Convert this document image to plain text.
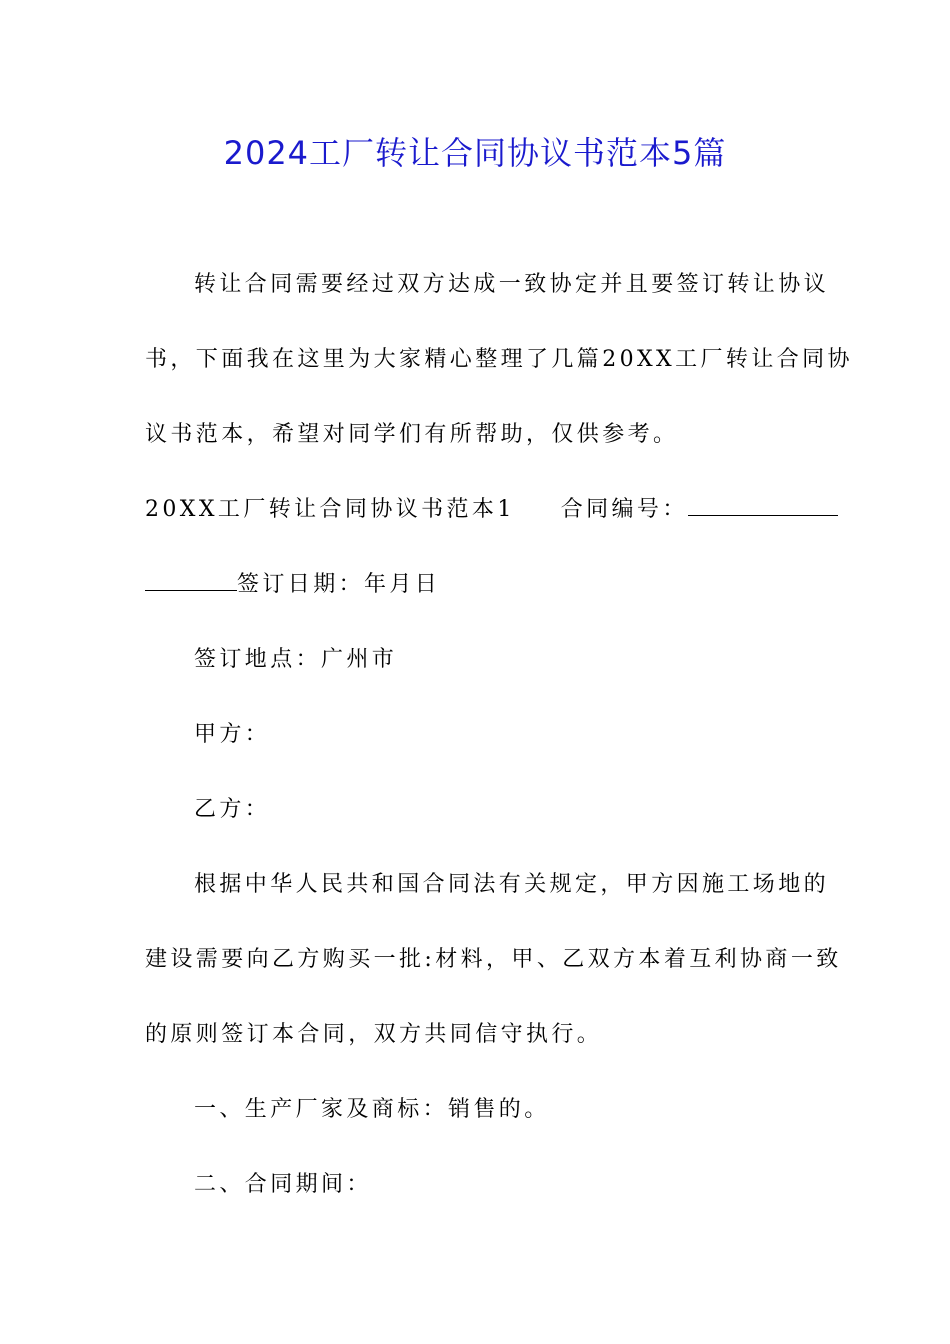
2024工厂转让合同协议书范本5篇
转让合同需要经过双方达成一致协定并且要签订转让协议
书，下面我在这里为大家精心整理了几篇20XX工厂转让合同协
议书范本，希望对同学们有所帮助，仅供参考。
20XX工厂转让合同协议书范本1 合同编号：
签订日期：年月日
签订地点：广州市
甲方：
乙方：
根据中华人民共和国合同法有关规定，甲方因施工场地的
建设需要向乙方购买一批:材料，甲、乙双方本着互利协商一致
的原则签订本合同，双方共同信守执行。
一、生产厂家及商标：销售的。
二、合同期间：
